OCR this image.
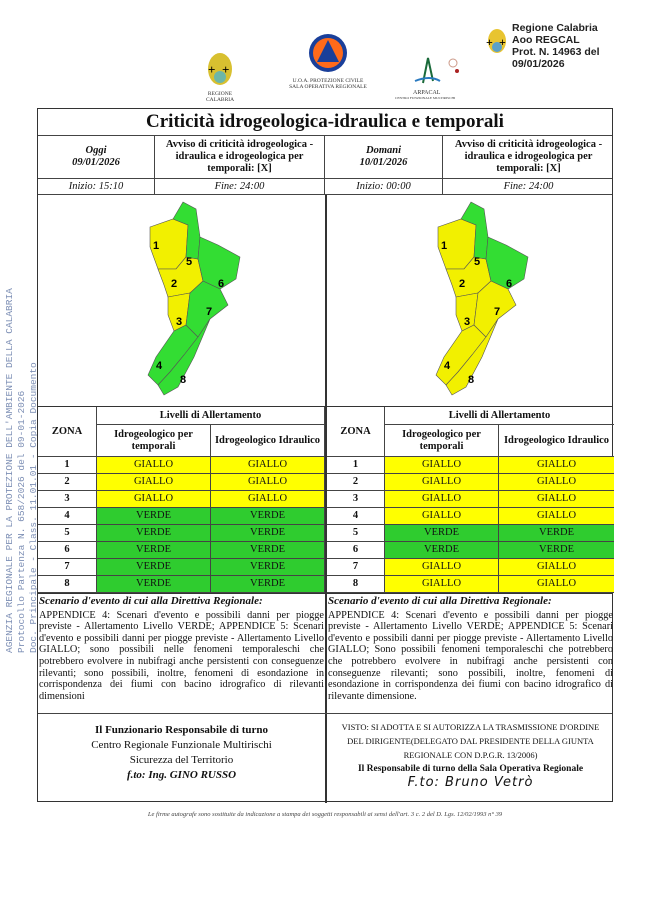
AGENZIA REGIONALE PER LA PROTEZIONE DELL'AMBIENTE DELLA CALABRIA Protocollo Partenza N. 658/2026 del 09-01-2026 Doc. Principale - Class. 11.01.01 - Copia Documento
+ +
Regione Calabria
Aoo REGCAL
Prot. N. 14963 del 09/01/2026
+ +
REGIONE CALABRIA
U.O.A. PROTEZIONE CIVILE
SALA OPERATIVA REGIONALE
ARPACAL
CENTRO FUNZIONALE MULTIRISCHI
Criticità idrogeologica-idraulica e temporali
Oggi
09/01/2026
Avviso di criticità idrogeologica - idraulica e idrogeologica per temporali: [X]
Domani
10/01/2026
Avviso di criticità idrogeologica - idraulica e idrogeologica per temporali: [X]
Inizio: 15:10	Fine: 24:00	Inizio: 00:00	Fine: 24:00
1
2
3
4
5
6
7
8
1
2
3
4
5
6
7
8
ZONA
Livelli di Allertamento
Idrogeologico per temporali
Idrogeologico Idraulico
1	GIALLO	GIALLO
2	GIALLO	GIALLO
3	GIALLO	GIALLO
4	VERDE	VERDE
5	VERDE	VERDE
6	VERDE	VERDE
7	VERDE	VERDE
8	VERDE	VERDE
ZONA
Livelli di Allertamento
Idrogeologico per temporali
Idrogeologico Idraulico
1	GIALLO	GIALLO
2	GIALLO	GIALLO
3	GIALLO	GIALLO
4	GIALLO	GIALLO
5	VERDE	VERDE
6	VERDE	VERDE
7	GIALLO	GIALLO
8	GIALLO	GIALLO
Scenario d'evento di cui alla Direttiva Regionale:
APPENDICE 4: Scenari d'evento e possibili danni per piogge previste - Allertamento Livello VERDE; APPENDICE 5: Scenari d'evento e possibili danni per piogge previste - Allertamento Livello GIALLO; sono possibili nelle fenomeni temporaleschi che potrebbero evolvere in nubifragi anche persistenti con conseguenze rilevanti; sono possibili, inoltre, fenomeni di esondazione in corrispondenza dei fiumi con bacino idrografico di rilevanti dimensioni
Scenario d'evento di cui alla Direttiva Regionale:
APPENDICE 4: Scenari d'evento e possibili danni per piogge previste - Allertamento Livello VERDE; APPENDICE 5: Scenari d'evento e possibili danni per piogge previste - Allertamento Livello GIALLO; Sono possibili fenomeni temporaleschi che potrebbero che potrebbero evolvere in nubifragi anche persistenti con conseguenze rilevanti; sono possibili, inoltre, fenomeni di esondazione in corrispondenza dei fiumi con bacino idrografico di rilevante dimensione.
Il Funzionario Responsabile di turno
Centro Regionale Funzionale Multirischi
Sicurezza del Territorio
f.to: Ing. GINO RUSSO
VISTO: SI ADOTTA E SI AUTORIZZA LA TRASMISSIONE D'ORDINE DEL DIRIGENTE(DELEGATO DAL PRESIDENTE DELLA GIUNTA REGIONALE CON D.P.G.R. 13/2006)
Il Responsabile di turno della Sala Operativa Regionale
F.to: Bruno Vetrò
Le firme autografe sono sostituite da indicazione a stampa dei soggetti responsabili ai sensi dell'art. 3 c. 2 del D. Lgs. 12/02/1993 n° 39
